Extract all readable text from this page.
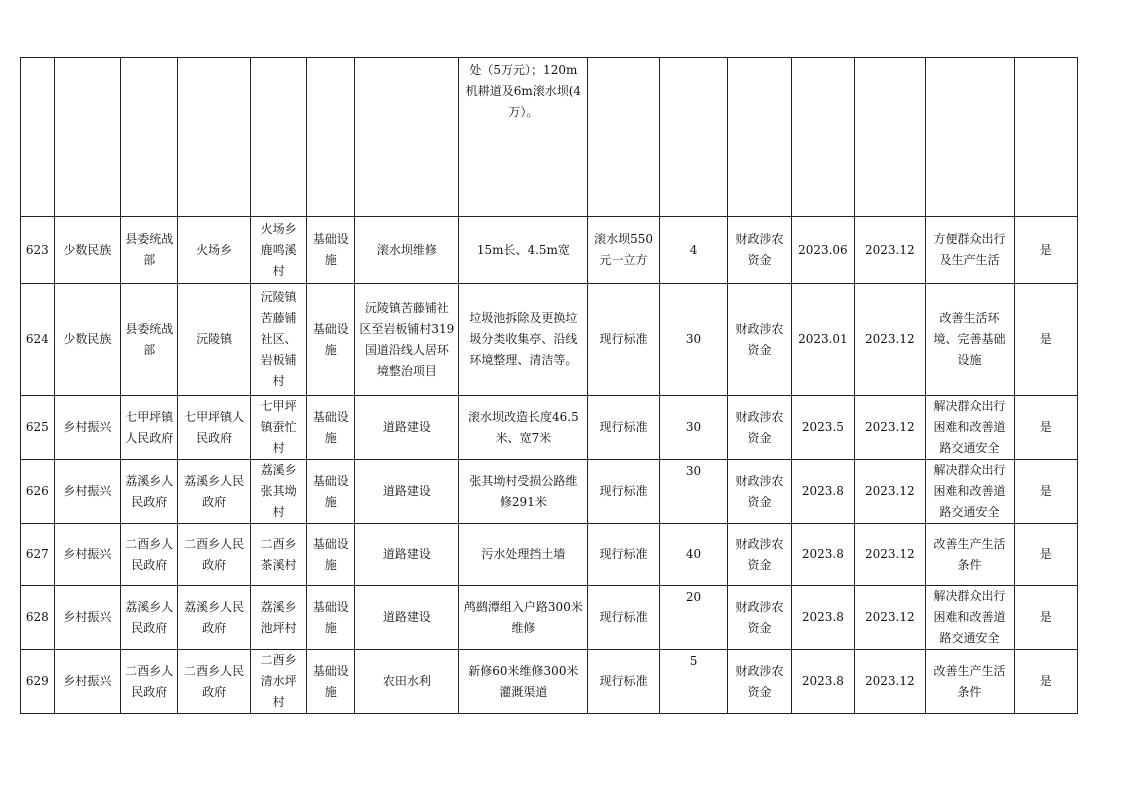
							处（5万元）；120m机耕道及6m滚水坝(4万）。							
623	少数民族	县委统战部	火场乡	火场乡鹿鸣溪村	基础设施	滚水坝维修	15m长、4.5m宽	滚水坝550元一立方	4	财政涉农资金	2023.06	2023.12	方便群众出行及生产生活	是
624	少数民族	县委统战部	沅陵镇	沅陵镇苦藤铺社区、岩板铺村	基础设施	沅陵镇苦藤铺社区至岩板铺村319国道沿线人居环境整治项目	垃圾池拆除及更换垃圾分类收集亭、沿线环境整理、清洁等。	现行标准	30	财政涉农资金	2023.01	2023.12	改善生活环境、完善基础设施	是
625	乡村振兴	七甲坪镇人民政府	七甲坪镇人民政府	七甲坪镇蚕忙村	基础设施	道路建设	滚水坝改造长度46.5米、宽7米	现行标准	30	财政涉农资金	2023.5	2023.12	解决群众出行困难和改善道路交通安全	是
626	乡村振兴	荔溪乡人民政府	荔溪乡人民政府	荔溪乡张其坳村	基础设施	道路建设	张其坳村受损公路维修291米	现行标准	30	财政涉农资金	2023.8	2023.12	解决群众出行困难和改善道路交通安全	是
627	乡村振兴	二酉乡人民政府	二酉乡人民政府	二酉乡茶溪村	基础设施	道路建设	污水处理挡土墙	现行标准	40	财政涉农资金	2023.8	2023.12	改善生产生活条件	是
628	乡村振兴	荔溪乡人民政府	荔溪乡人民政府	荔溪乡池坪村	基础设施	道路建设	鸬鹚潭组入户路300米维修	现行标准	20	财政涉农资金	2023.8	2023.12	解决群众出行困难和改善道路交通安全	是
629	乡村振兴	二酉乡人民政府	二酉乡人民政府	二酉乡清水坪村	基础设施	农田水利	新修60米维修300米灌溉渠道	现行标准	5	财政涉农资金	2023.8	2023.12	改善生产生活条件	是
